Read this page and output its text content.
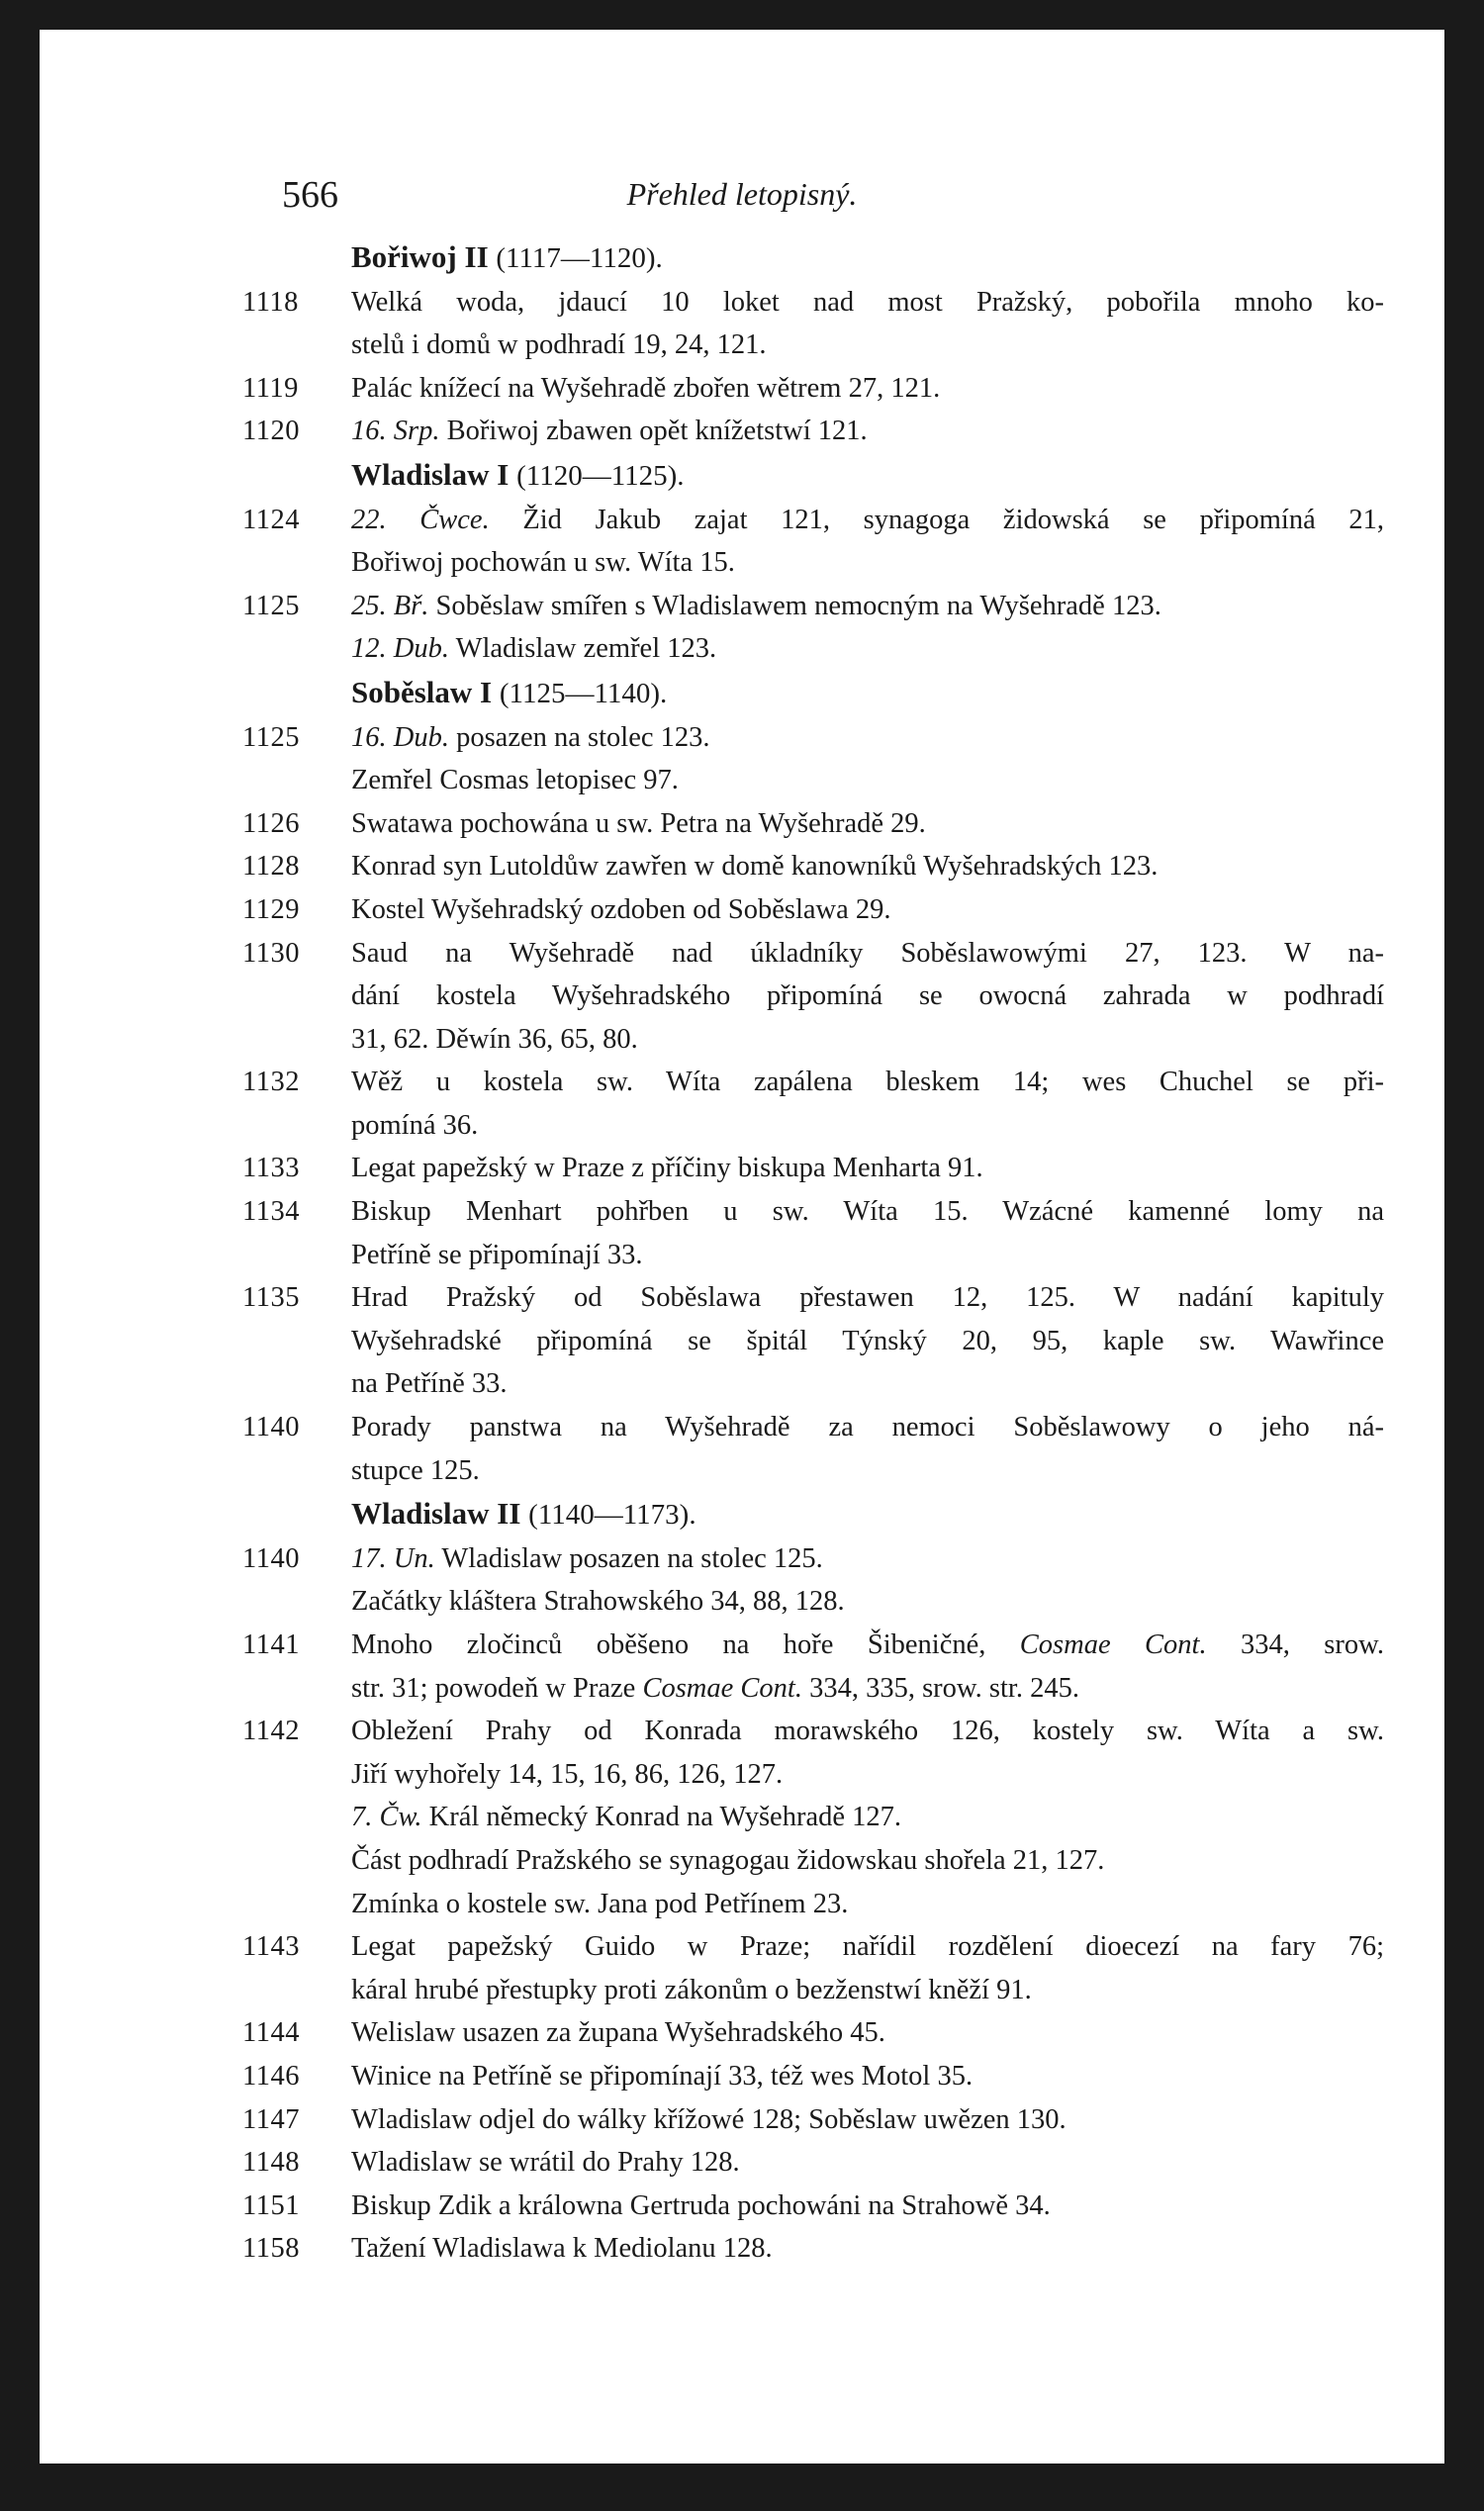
566	Přehled letopisný.
Bořiwoj II (1117—1120).
1118	Welká woda, jdaucí 10 loket nad most Pražský, pobořila mnoho ko-
stelů i domů w podhradí 19, 24, 121.
1119	Palác knížecí na Wyšehradě zbořen wětrem 27, 121.
1120	16. Srp. Bořiwoj zbawen opět knížetstwí 121.
Wladislaw I (1120—1125).
1124	22. Čwce. Žid Jakub zajat 121, synagoga židowská se připomíná 21,
Bořiwoj pochowán u sw. Wíta 15.
1125	25. Bř. Soběslaw smířen s Wladislawem nemocným na Wyšehradě 123.
12. Dub. Wladislaw zemřel 123.
Soběslaw I (1125—1140).
1125	16. Dub. posazen na stolec 123.
Zemřel Cosmas letopisec 97.
1126	Swatawa pochowána u sw. Petra na Wyšehradě 29.
1128	Konrad syn Lutoldůw zawřen w domě kanowníků Wyšehradských 123.
1129	Kostel Wyšehradský ozdoben od Soběslawa 29.
1130	Saud na Wyšehradě nad úkladníky Soběslawowými 27, 123. W na-
dání kostela Wyšehradského připomíná se owocná zahrada w podhradí
31, 62. Děwín 36, 65, 80.
1132	Wěž u kostela sw. Wíta zapálena bleskem 14; wes Chuchel se při-
pomíná 36.
1133	Legat papežský w Praze z příčiny biskupa Menharta 91.
1134	Biskup Menhart pohřben u sw. Wíta 15. Wzácné kamenné lomy na
Petříně se připomínají 33.
1135	Hrad Pražský od Soběslawa přestawen 12, 125. W nadání kapituly
Wyšehradské připomíná se špitál Týnský 20, 95, kaple sw. Wawřince
na Petříně 33.
1140	Porady panstwa na Wyšehradě za nemoci Soběslawowy o jeho ná-
stupce 125.
Wladislaw II (1140—1173).
1140	17. Un. Wladislaw posazen na stolec 125.
Začátky kláštera Strahowského 34, 88, 128.
1141	Mnoho zločinců oběšeno na hoře Šibeničné, Cosmae Cont. 334, srow.
str. 31; powodeň w Praze Cosmae Cont. 334, 335, srow. str. 245.
1142	Obležení Prahy od Konrada morawského 126, kostely sw. Wíta a sw.
Jiří wyhořely 14, 15, 16, 86, 126, 127.
7. Čw. Král německý Konrad na Wyšehradě 127.
Část podhradí Pražského se synagogau židowskau shořela 21, 127.
Zmínka o kostele sw. Jana pod Petřínem 23.
1143	Legat papežský Guido w Praze; nařídil rozdělení dioecezí na fary 76;
káral hrubé přestupky proti zákonům o bezženstwí kněží 91.
1144	Welislaw usazen za župana Wyšehradského 45.
1146	Winice na Petříně se připomínají 33, též wes Motol 35.
1147	Wladislaw odjel do wálky křížowé 128; Soběslaw uwězen 130.
1148	Wladislaw se wrátil do Prahy 128.
1151	Biskup Zdik a králowna Gertruda pochowáni na Strahowě 34.
1158	Tažení Wladislawa k Mediolanu 128.
